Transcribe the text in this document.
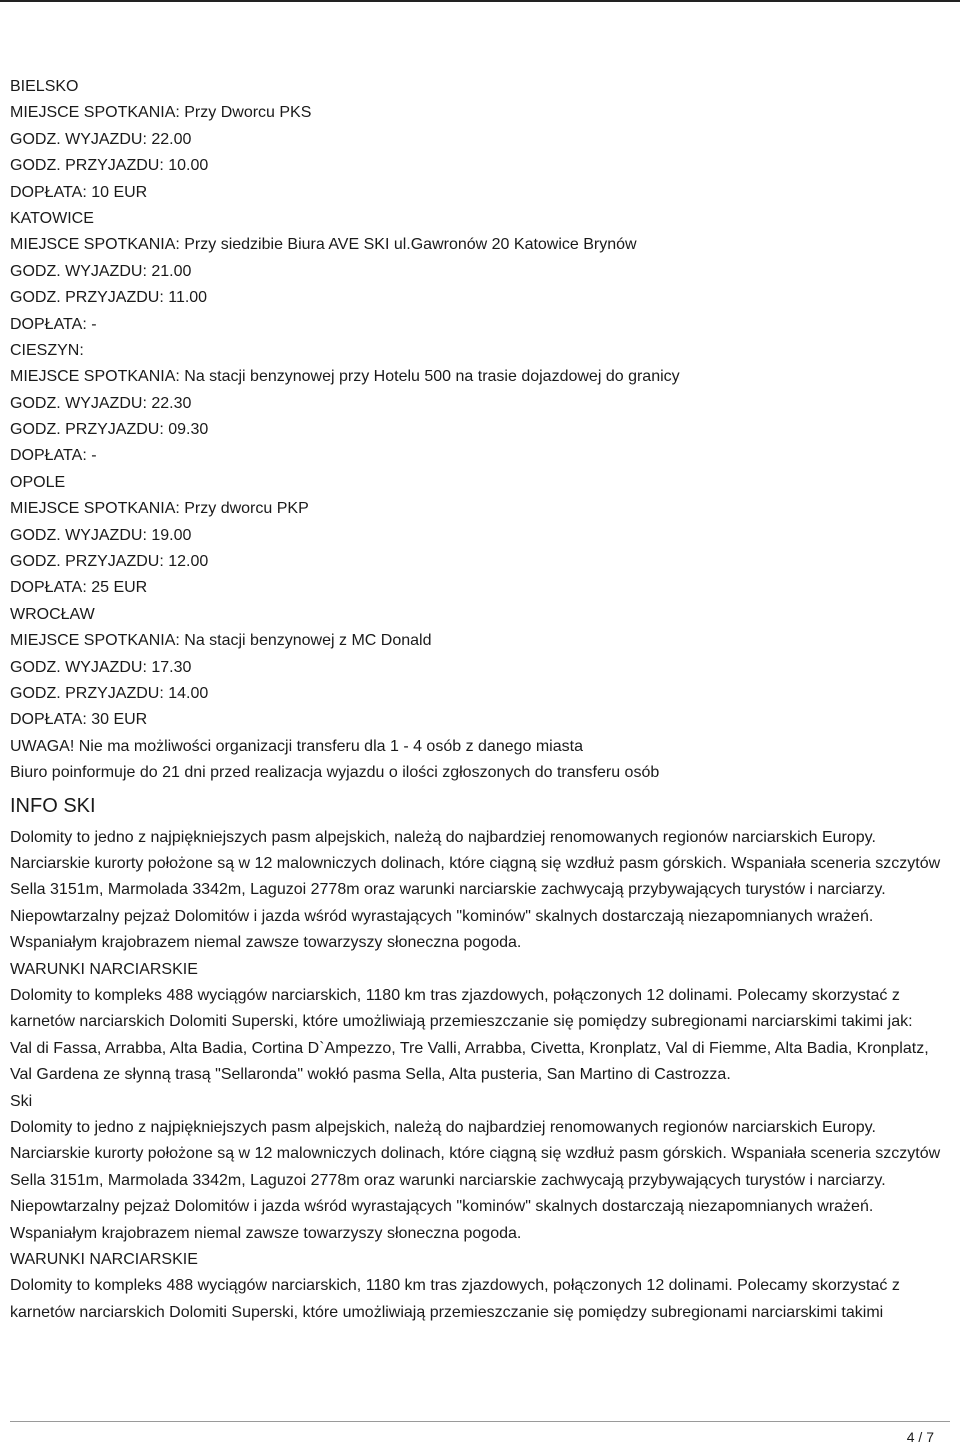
BIELSKO
MIEJSCE SPOTKANIA: Przy Dworcu PKS
GODZ. WYJAZDU: 22.00
GODZ. PRZYJAZDU: 10.00
DOPŁATA: 10 EUR
KATOWICE
MIEJSCE SPOTKANIA: Przy siedzibie Biura AVE SKI ul.Gawronów 20 Katowice Brynów
GODZ. WYJAZDU: 21.00
GODZ. PRZYJAZDU: 11.00
DOPŁATA: -
CIESZYN:
MIEJSCE SPOTKANIA: Na stacji benzynowej przy Hotelu 500 na trasie dojazdowej do granicy
GODZ. WYJAZDU: 22.30
GODZ. PRZYJAZDU: 09.30
DOPŁATA: -
OPOLE
MIEJSCE SPOTKANIA: Przy dworcu PKP
GODZ. WYJAZDU: 19.00
GODZ. PRZYJAZDU: 12.00
DOPŁATA: 25 EUR
WROCŁAW
MIEJSCE SPOTKANIA: Na stacji benzynowej z MC Donald
GODZ. WYJAZDU: 17.30
GODZ. PRZYJAZDU: 14.00
DOPŁATA: 30 EUR
UWAGA! Nie ma możliwości organizacji transferu dla 1 - 4 osób z danego miasta
Biuro poinformuje do 21 dni przed realizacja wyjazdu o ilości zgłoszonych do transferu osób
INFO SKI

Dolomity to jedno z najpiękniejszych pasm alpejskich, należą do najbardziej renomowanych regionów narciarskich Europy. Narciarskie kurorty położone są w 12 malowniczych dolinach, które ciągną się wzdłuż pasm górskich. Wspaniała sceneria szczytów Sella 3151m, Marmolada 3342m, Laguzoi 2778m oraz warunki narciarskie zachwycają przybywających turystów i narciarzy. Niepowtarzalny pejzaż Dolomitów i jazda wśród wyrastających "kominów" skalnych dostarczają niezapomnianych wrażeń. Wspaniałym krajobrazem niemal zawsze towarzyszy słoneczna pogoda.

WARUNKI NARCIARSKIE

Dolomity to kompleks 488 wyciągów narciarskich, 1180 km tras zjazdowych, połączonych 12 dolinami. Polecamy skorzystać z karnetów narciarskich Dolomiti Superski, które umożliwiają przemieszczanie się pomiędzy subregionami narciarskimi takimi jak:

Val di Fassa, Arrabba, Alta Badia, Cortina D`Ampezzo, Tre Valli, Arrabba, Civetta, Kronplatz, Val di Fiemme, Alta Badia, Kronplatz, Val Gardena ze słynną trasą "Sellaronda" wokłó pasma Sella, Alta pusteria, San Martino di Castrozza.

Ski

Dolomity to jedno z najpiękniejszych pasm alpejskich, należą do najbardziej renomowanych regionów narciarskich Europy. Narciarskie kurorty położone są w 12 malowniczych dolinach, które ciągną się wzdłuż pasm górskich. Wspaniała sceneria szczytów Sella 3151m, Marmolada 3342m, Laguzoi 2778m oraz warunki narciarskie zachwycają przybywających turystów i narciarzy. Niepowtarzalny pejzaż Dolomitów i jazda wśród wyrastających "kominów" skalnych dostarczają niezapomnianych wrażeń. Wspaniałym krajobrazem niemal zawsze towarzyszy słoneczna pogoda.

WARUNKI NARCIARSKIE

Dolomity to kompleks 488 wyciągów narciarskich, 1180 km tras zjazdowych, połączonych 12 dolinami. Polecamy skorzystać z karnetów narciarskich Dolomiti Superski, które umożliwiają przemieszczanie się pomiędzy subregionami narciarskimi takimi

4 / 7
